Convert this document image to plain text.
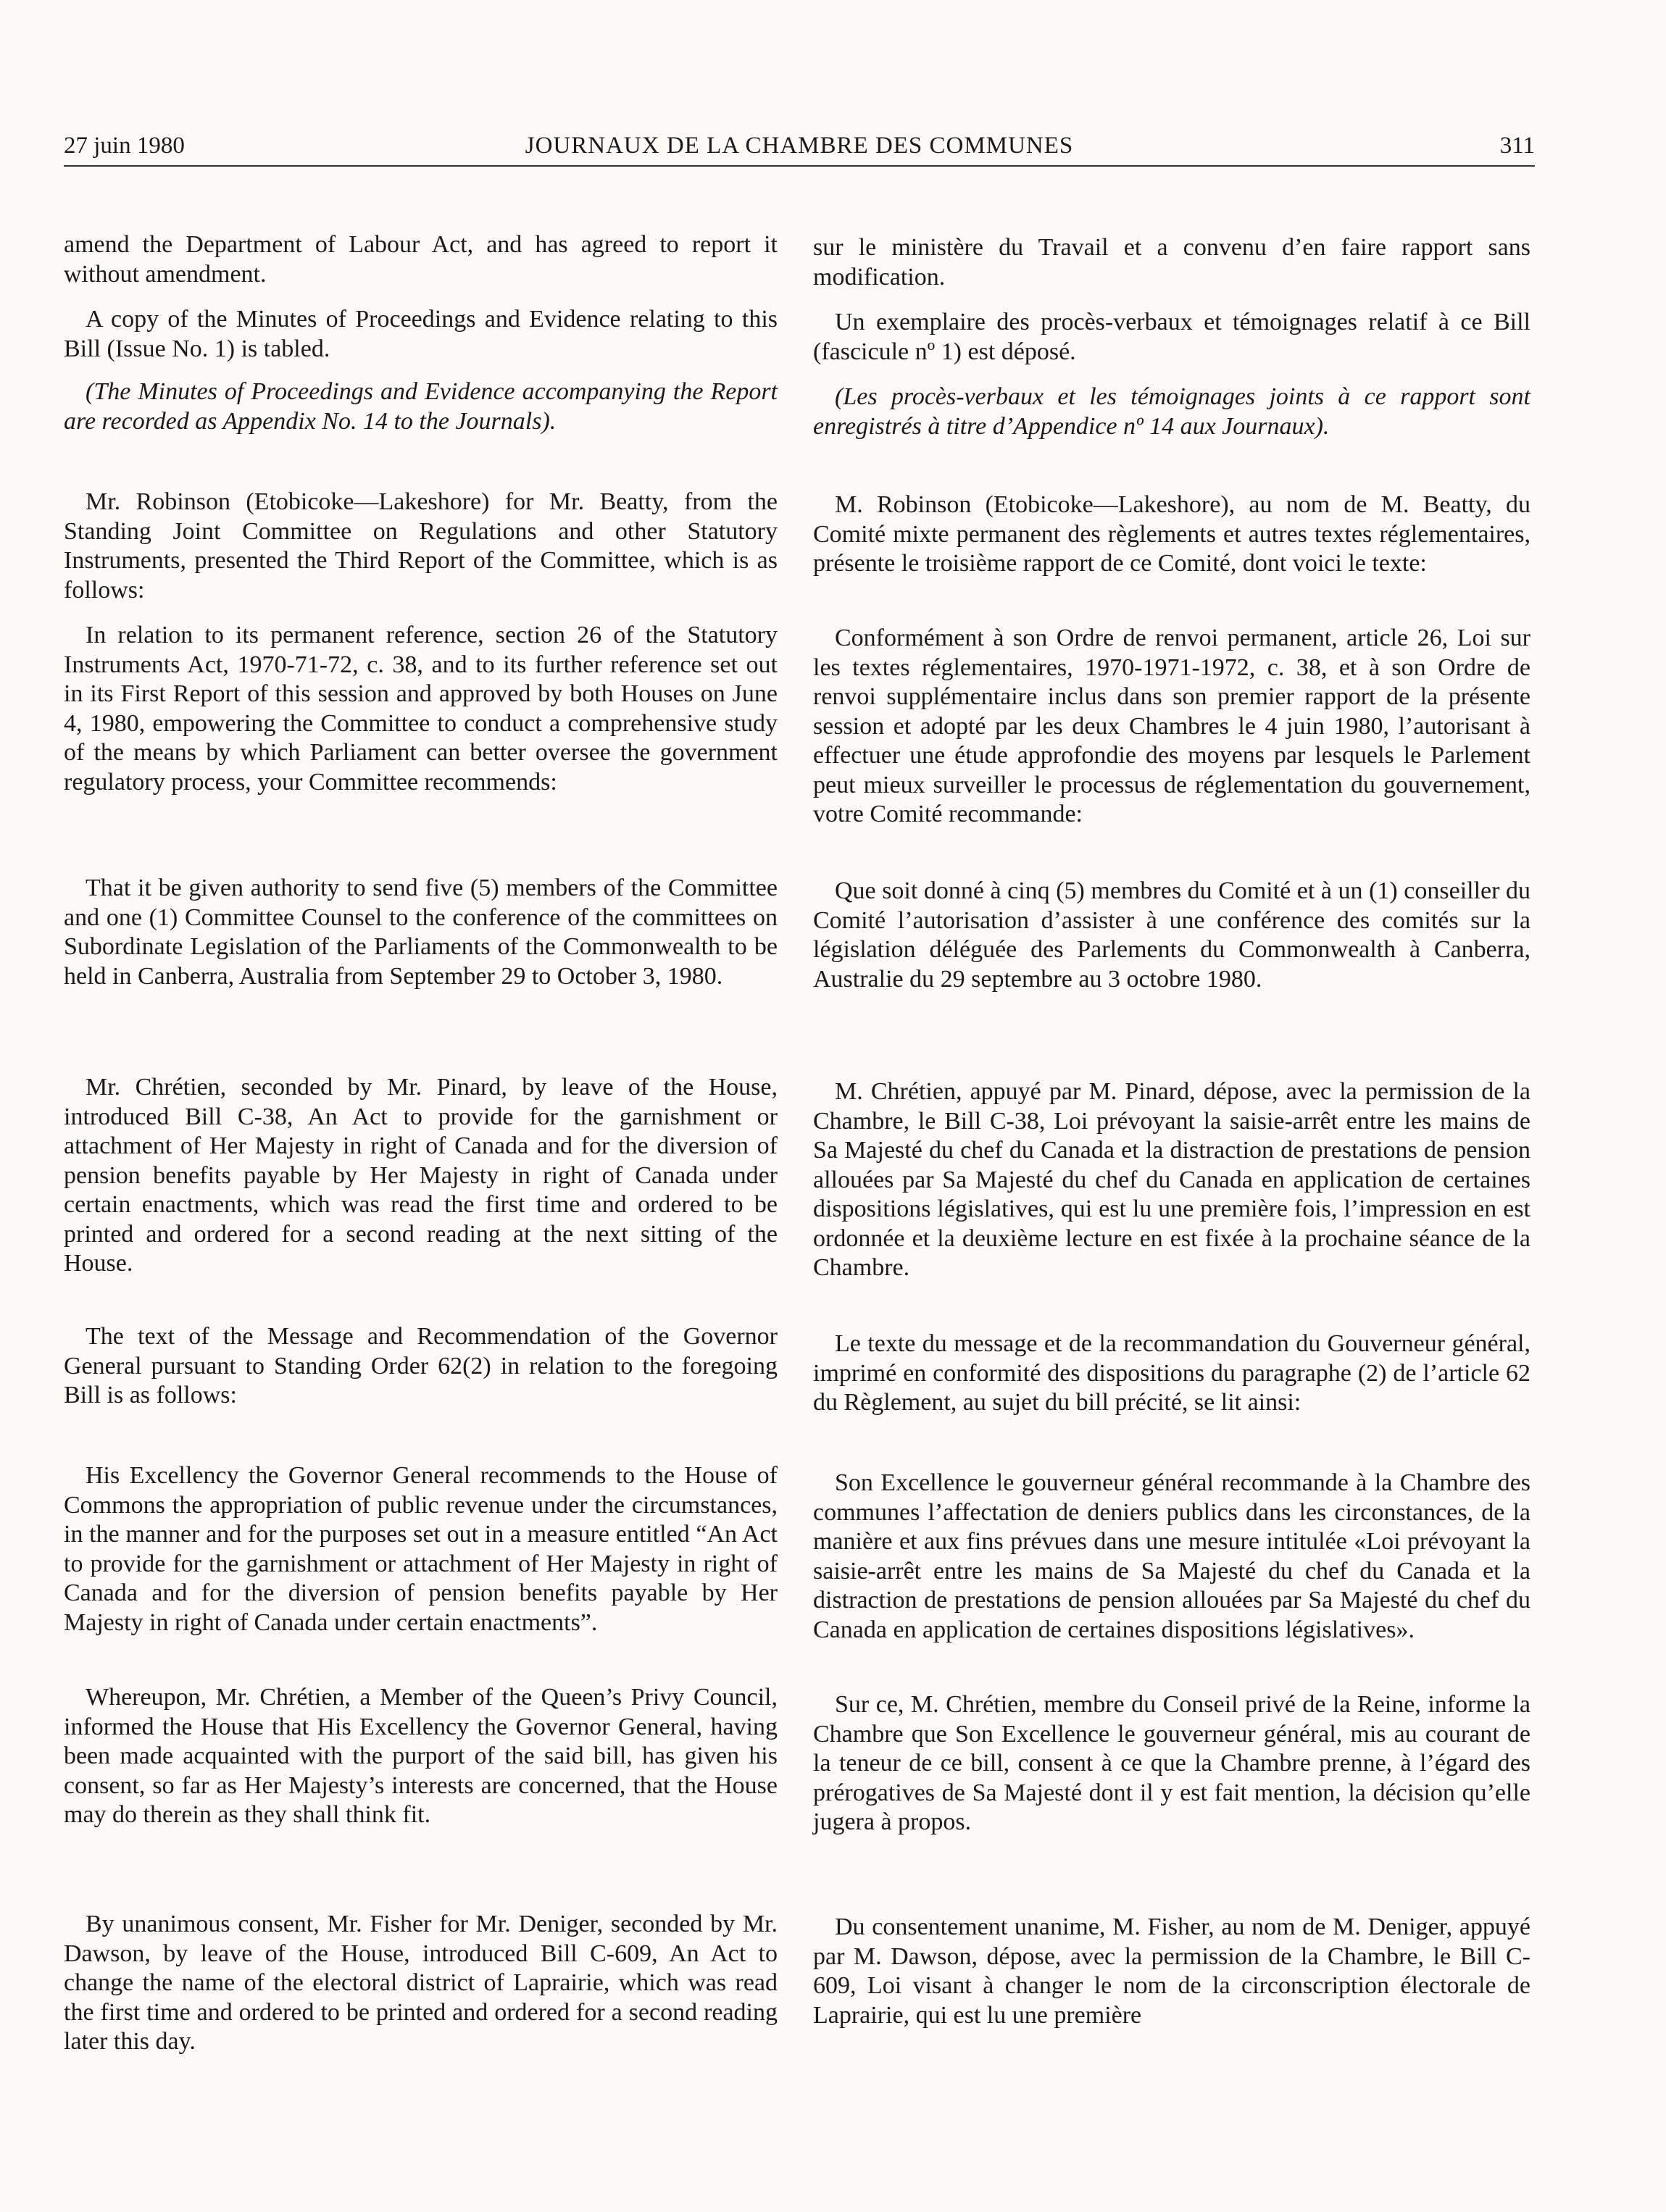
27 juin 1980	JOURNAUX DE LA CHAMBRE DES COMMUNES	311

amend the Department of Labour Act, and has agreed to report it without amendment.

A copy of the Minutes of Proceedings and Evidence relating to this Bill (Issue No. 1) is tabled.

(The Minutes of Proceedings and Evidence accompanying the Report are recorded as Appendix No. 14 to the Journals).

Mr. Robinson (Etobicoke—Lakeshore) for Mr. Beatty, from the Standing Joint Committee on Regulations and other Statutory Instruments, presented the Third Report of the Committee, which is as follows:

In relation to its permanent reference, section 26 of the Statutory Instruments Act, 1970-71-72, c. 38, and to its further reference set out in its First Report of this session and approved by both Houses on June 4, 1980, empowering the Committee to conduct a comprehensive study of the means by which Parliament can better oversee the government regulatory process, your Committee recommends:

That it be given authority to send five (5) members of the Committee and one (1) Committee Counsel to the conference of the committees on Subordinate Legislation of the Parliaments of the Commonwealth to be held in Canberra, Australia from September 29 to October 3, 1980.

Mr. Chrétien, seconded by Mr. Pinard, by leave of the House, introduced Bill C-38, An Act to provide for the garnishment or attachment of Her Majesty in right of Canada and for the diversion of pension benefits payable by Her Majesty in right of Canada under certain enactments, which was read the first time and ordered to be printed and ordered for a second reading at the next sitting of the House.

The text of the Message and Recommendation of the Governor General pursuant to Standing Order 62(2) in relation to the foregoing Bill is as follows:

His Excellency the Governor General recommends to the House of Commons the appropriation of public revenue under the circumstances, in the manner and for the purposes set out in a measure entitled “An Act to provide for the garnishment or attachment of Her Majesty in right of Canada and for the diversion of pension benefits payable by Her Majesty in right of Canada under certain enactments”.

Whereupon, Mr. Chrétien, a Member of the Queen’s Privy Council, informed the House that His Excellency the Governor General, having been made acquainted with the purport of the said bill, has given his consent, so far as Her Majesty’s interests are concerned, that the House may do therein as they shall think fit.

By unanimous consent, Mr. Fisher for Mr. Deniger, seconded by Mr. Dawson, by leave of the House, introduced Bill C-609, An Act to change the name of the electoral district of Laprairie, which was read the first time and ordered to be printed and ordered for a second reading later this day.

sur le ministère du Travail et a convenu d’en faire rapport sans modification.

Un exemplaire des procès-verbaux et témoignages relatif à ce Bill (fascicule nº 1) est déposé.

(Les procès-verbaux et les témoignages joints à ce rapport sont enregistrés à titre d’Appendice nº 14 aux Journaux).

M. Robinson (Etobicoke—Lakeshore), au nom de M. Beatty, du Comité mixte permanent des règlements et autres textes réglementaires, présente le troisième rapport de ce Comité, dont voici le texte:

Conformément à son Ordre de renvoi permanent, article 26, Loi sur les textes réglementaires, 1970-1971-1972, c. 38, et à son Ordre de renvoi supplémentaire inclus dans son premier rapport de la présente session et adopté par les deux Chambres le 4 juin 1980, l’autorisant à effectuer une étude approfondie des moyens par lesquels le Parlement peut mieux surveiller le processus de réglementation du gouvernement, votre Comité recommande:

Que soit donné à cinq (5) membres du Comité et à un (1) conseiller du Comité l’autorisation d’assister à une conférence des comités sur la législation déléguée des Parlements du Commonwealth à Canberra, Australie du 29 septembre au 3 octobre 1980.

M. Chrétien, appuyé par M. Pinard, dépose, avec la permission de la Chambre, le Bill C-38, Loi prévoyant la saisie-arrêt entre les mains de Sa Majesté du chef du Canada et la distraction de prestations de pension allouées par Sa Majesté du chef du Canada en application de certaines dispositions législatives, qui est lu une première fois, l’impression en est ordonnée et la deuxième lecture en est fixée à la prochaine séance de la Chambre.

Le texte du message et de la recommandation du Gouverneur général, imprimé en conformité des dispositions du paragraphe (2) de l’article 62 du Règlement, au sujet du bill précité, se lit ainsi:

Son Excellence le gouverneur général recommande à la Chambre des communes l’affectation de deniers publics dans les circonstances, de la manière et aux fins prévues dans une mesure intitulée «Loi prévoyant la saisie-arrêt entre les mains de Sa Majesté du chef du Canada et la distraction de prestations de pension allouées par Sa Majesté du chef du Canada en application de certaines dispositions législatives».

Sur ce, M. Chrétien, membre du Conseil privé de la Reine, informe la Chambre que Son Excellence le gouverneur général, mis au courant de la teneur de ce bill, consent à ce que la Chambre prenne, à l’égard des prérogatives de Sa Majesté dont il y est fait mention, la décision qu’elle jugera à propos.

Du consentement unanime, M. Fisher, au nom de M. Deniger, appuyé par M. Dawson, dépose, avec la permission de la Chambre, le Bill C-609, Loi visant à changer le nom de la circonscription électorale de Laprairie, qui est lu une première
